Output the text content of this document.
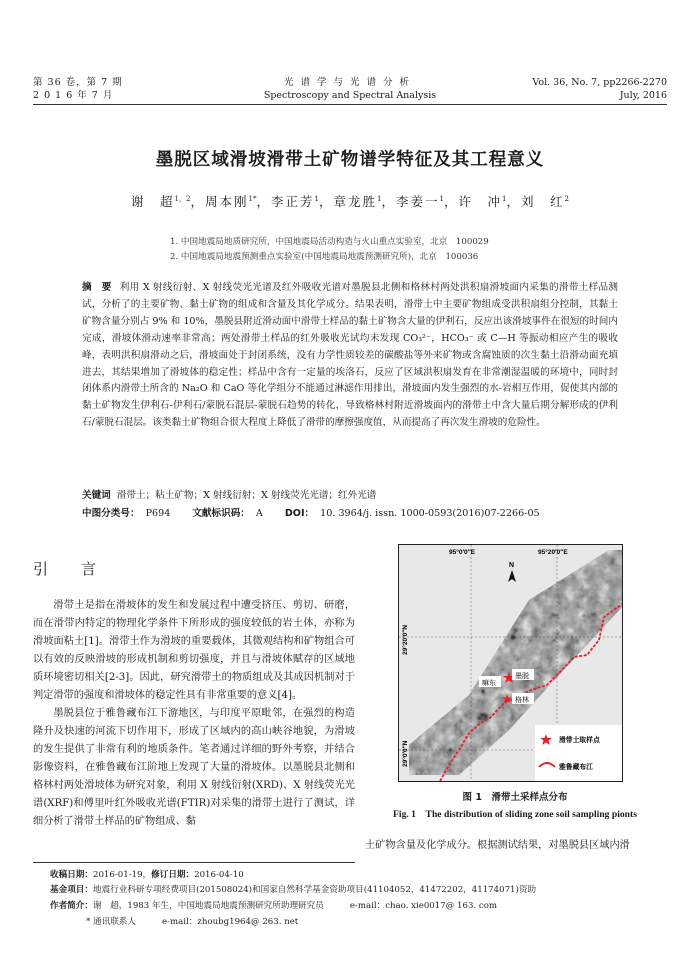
第 36 卷，第 7 期
2 0 1 6 年 7 月
光谱学与光谱分析
Spectroscopy and Spectral Analysis
Vol. 36, No. 7, pp2266-2270
July, 2016
墨脱区域滑坡滑带土矿物谱学特征及其工程意义
谢　超$^{1,2}$，周本刚$^{1*}$，李正芳$^1$，章龙胜$^1$，李姜一$^1$，许　冲$^1$，刘　红$^2$
1. 中国地震局地质研究所，中国地震局活动构造与火山重点实验室，北京　100029
2. 中国地震局地震预测重点实验室(中国地震局地震预测研究所)，北京　100036
摘　要 利用 X 射线衍射、X 射线荧光光谱及红外吸收光谱对墨脱县北侧和格林村两处洪积扇滑坡面内采集的滑带土样品测试，分析了的主要矿物、黏土矿物的组成和含量及其化学成分。结果表明，滑带土中主要矿物组成受洪积扇组分控制，其黏土矿物含量分别占 9% 和 10%，墨脱县附近滑动面中滑带土样品的黏土矿物含大量的伊利石，反应出该滑坡事件在很短的时间内完成，滑坡体滑动速率非常高；两处滑带土样品的红外吸收光试均未发现 CO₃²⁻，HCO₃⁻ 或 C—H 等振动相应产生的吸收峰，表明洪积扇滑动之后，滑坡面处于封闭系统，没有力学性质较差的碳酸盐等外来矿物或含腐蚀质的次生黏土沿滑动面充填进去，其结果增加了滑坡体的稳定性；样品中含有一定量的埃洛石，反应了区域洪积扇发育在非常潮湿温暖的环境中，同时封闭体系内滑带土所含的 Na₂O 和 CaO 等化学组分不能通过淋滤作用排出，滑坡面内发生强烈的水-岩相互作用，促使其内部的黏土矿物发生伊利石-伊利石/蒙脱石混层-蒙脱石趋势的转化，导致格林村附近滑坡面内的滑带土中含大量后期分解形成的伊利石/蒙脱石混层。该类黏土矿物组合很大程度上降低了滑带的摩擦强度值，从而提高了再次发生滑坡的危险性。
关键词 滑带土；粘土矿物；X 射线衍射；X 射线荧光光谱；红外光谱
中图分类号： P694 文献标识码： A DOI： 10. 3964/j. issn. 1000-0593(2016)07-2266-05
引　言

滑带土是指在滑坡体的发生和发展过程中遭受挤压、剪切、研磨，而在滑带内特定的物理化学条件下所形成的强度较低的岩土体，亦称为滑坡面粘土[1]。滑带土作为滑坡的重要载体，其微观结构和矿物组合可以有效的反映滑坡的形成机制和剪切强度，并且与滑坡体赋存的区域地质环境密切相关[2-3]。因此，研究滑带土的物质组成及其成因机制对于判定滑带的强度和滑坡体的稳定性具有非常重要的意义[4]。

墨脱县位于雅鲁藏布江下游地区，与印度平原毗邻，在强烈的构造隆升及快速的河流下切作用下，形成了区域内的高山峡谷地貌，为滑坡的发生提供了非常有利的地质条件。笔者通过详细的野外考察，并结合影像资料，在雅鲁藏布江阶地上发现了大量的滑坡体。以墨脱县北侧和格林村两处滑坡体为研究对象，利用 X 射线衍射(XRD)、X 射线荧光光谱(XRF)和傅里叶红外吸收光谱(FTIR)对采集的滑带土进行了测试，详细分析了滑带土样品的矿物组成、黏

95°0′0″E	95°20′0″E
29°20′0″N
29°0′0″N
N
墨脱
格林
嘛东
滑带土取样点
雅鲁藏布江
图 1　滑带土采样点分布
Fig. 1　The distribution of sliding zone soil sampling pionts
土矿物含量及化学成分。根据测试结果，对墨脱县区域内滑
收稿日期：2016-01-19，修订日期：2016-04-10
基金项目：地震行业科研专项经费项目(201508024)和国家自然科学基金资助项目(41104052，41472202，41174071)资助
作者简介：谢　超，1983 年生，中国地震局地震预测研究所助理研究员	e-mail：chao. xie0017@ 163. com
* 通讯联系人	e-mail：zhoubg1964@ 263. net
